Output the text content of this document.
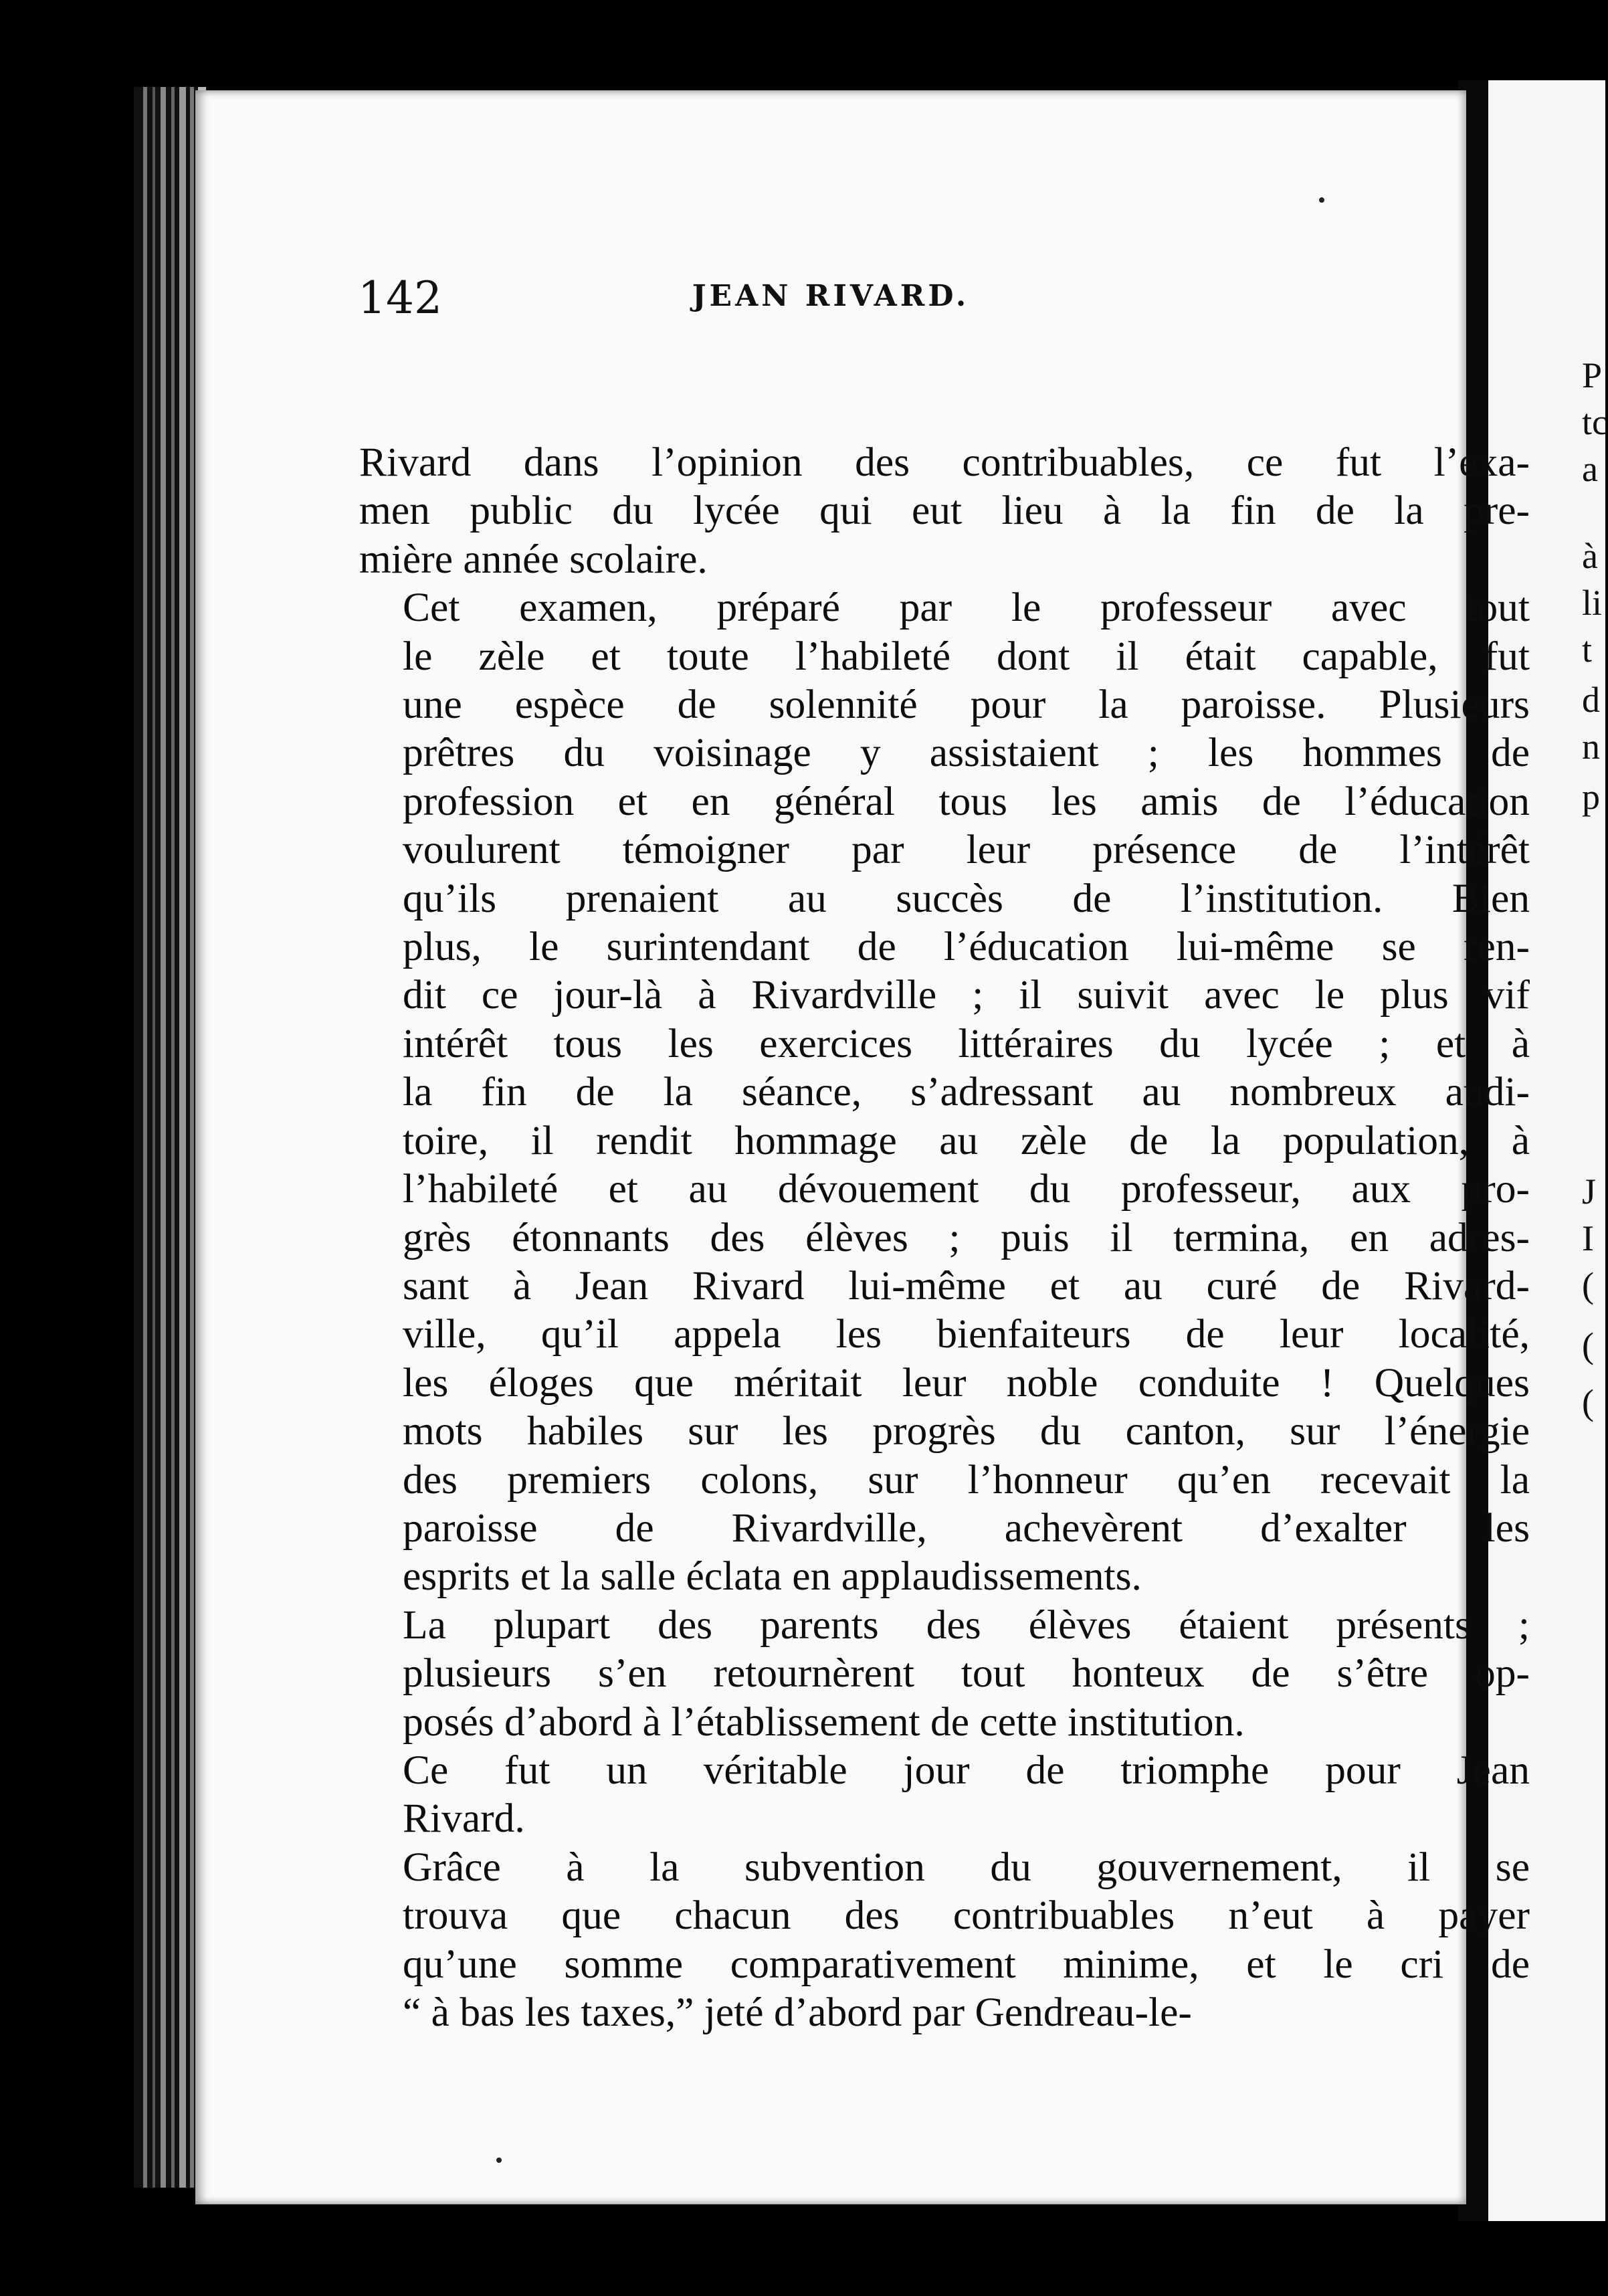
P
tc
a
à
li
t
d
n
p
J
I
(
(
(
142	JEAN RIVARD.

Rivard dans l’opinion des contribuables, ce fut l’exa-
men public du lycée qui eut lieu à la fin de la pre-
mière année scolaire.

Cet examen, préparé par le professeur avec tout
le zèle et toute l’habileté dont il était capable, fut
une espèce de solennité pour la paroisse. Plusieurs
prêtres du voisinage y assistaient ; les hommes de
profession et en général tous les amis de l’éducation
voulurent témoigner par leur présence de l’intérêt
qu’ils prenaient au succès de l’institution. Bien
plus, le surintendant de l’éducation lui-même se ren-
dit ce jour-là à Rivardville ; il suivit avec le plus vif
intérêt tous les exercices littéraires du lycée ; et à
la fin de la séance, s’adressant au nombreux audi-
toire, il rendit hommage au zèle de la population, à
l’habileté et au dévouement du professeur, aux pro-
grès étonnants des élèves ; puis il termina, en adres-
sant à Jean Rivard lui-même et au curé de Rivard-
ville, qu’il appela les bienfaiteurs de leur localité,
les éloges que méritait leur noble conduite ! Quelques
mots habiles sur les progrès du canton, sur l’énergie
des premiers colons, sur l’honneur qu’en recevait la
paroisse de Rivardville, achevèrent d’exalter les
esprits et la salle éclata en applaudissements.

La plupart des parents des élèves étaient présents ;
plusieurs s’en retournèrent tout honteux de s’être op-
posés d’abord à l’établissement de cette institution.

Ce fut un véritable jour de triomphe pour Jean
Rivard.

Grâce à la subvention du gouvernement, il se
trouva que chacun des contribuables n’eut à payer
qu’une somme comparativement minime, et le cri de
“ à bas les taxes,” jeté d’abord par Gendreau-le-
